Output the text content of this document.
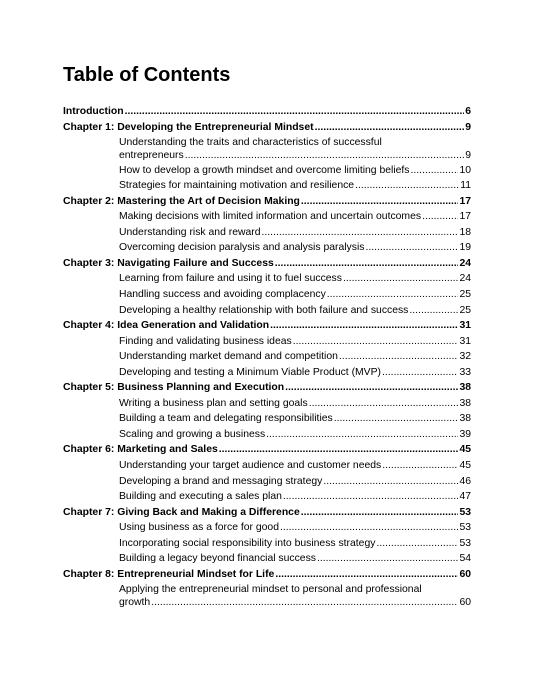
Table of Contents
Introduction .....	6
Chapter 1: Developing the Entrepreneurial Mindset .....	9
Understanding the traits and characteristics of successful
entrepreneurs .....	9
How to develop a growth mindset and overcome limiting beliefs .....	10
Strategies for maintaining motivation and resilience .....	11
Chapter 2: Mastering the Art of Decision Making .....	17
Making decisions with limited information and uncertain outcomes .....	17
Understanding risk and reward .....	18
Overcoming decision paralysis and analysis paralysis .....	19
Chapter 3: Navigating Failure and Success .....	24
Learning from failure and using it to fuel success .....	24
Handling success and avoiding complacency .....	25
Developing a healthy relationship with both failure and success .....	25
Chapter 4: Idea Generation and Validation .....	31
Finding and validating business ideas .....	31
Understanding market demand and competition .....	32
Developing and testing a Minimum Viable Product (MVP) .....	33
Chapter 5: Business Planning and Execution .....	38
Writing a business plan and setting goals .....	38
Building a team and delegating responsibilities .....	38
Scaling and growing a business .....	39
Chapter 6: Marketing and Sales .....	45
Understanding your target audience and customer needs .....	45
Developing a brand and messaging strategy .....	46
Building and executing a sales plan .....	47
Chapter 7: Giving Back and Making a Difference .....	53
Using business as a force for good .....	53
Incorporating social responsibility into business strategy .....	53
Building a legacy beyond financial success .....	54
Chapter 8: Entrepreneurial Mindset for Life .....	60
Applying the entrepreneurial mindset to personal and professional
growth .....	60
